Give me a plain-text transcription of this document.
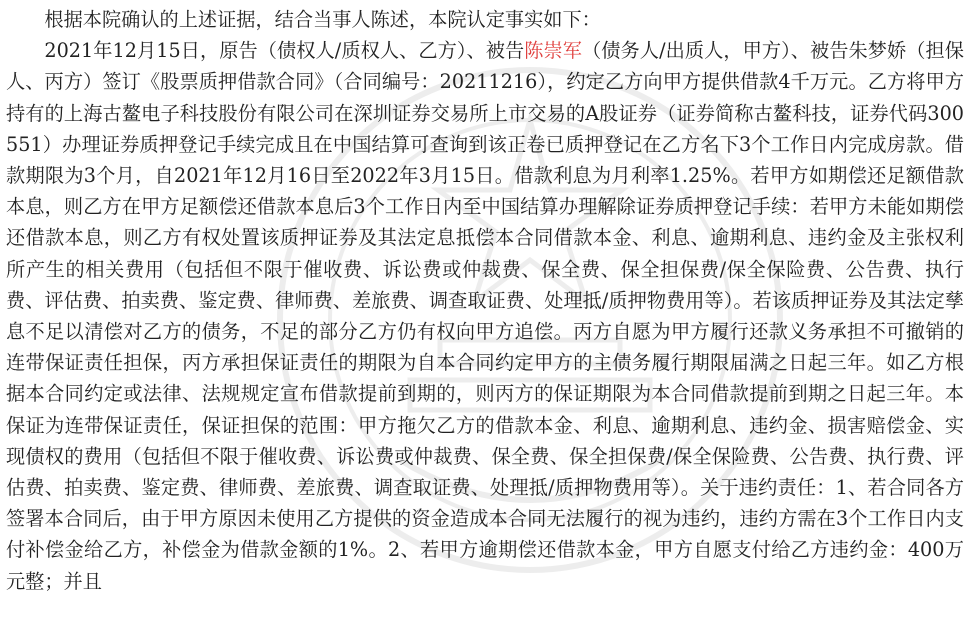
根据本院确认的上述证据，结合当事人陈述，本院认定事实如下：

2021年12月15日，原告（债权人/质权人、乙方）、被告陈崇军（债务人/出质人，甲方）、被告朱梦娇（担保人、丙方）签订《股票质押借款合同》（合同编号：20211216），约定乙方向甲方提供借款4千万元。乙方将甲方持有的上海古鳌电子科技股份有限公司在深圳证券交易所上市交易的A股证券（证券简称古鳌科技，证券代码300551）办理证券质押登记手续完成且在中国结算可查询到该正卷已质押登记在乙方名下3个工作日内完成房款。借款期限为3个月，自2021年12月16日至2022年3月15日。借款利息为月利率1.25%。若甲方如期偿还足额借款本息，则乙方在甲方足额偿还借款本息后3个工作日内至中国结算办理解除证券质押登记手续：若甲方未能如期偿还借款本息，则乙方有权处置该质押证券及其法定息抵偿本合同借款本金、利息、逾期利息、违约金及主张权利所产生的相关费用（包括但不限于催收费、诉讼费或仲裁费、保全费、保全担保费/保全保险费、公告费、执行费、评估费、拍卖费、鉴定费、律师费、差旅费、调查取证费、处理抵/质押物费用等）。若该质押证券及其法定孳息不足以清偿对乙方的债务，不足的部分乙方仍有权向甲方追偿。丙方自愿为甲方履行还款义务承担不可撤销的连带保证责任担保，丙方承担保证责任的期限为自本合同约定甲方的主债务履行期限届满之日起三年。如乙方根据本合同约定或法律、法规规定宣布借款提前到期的，则丙方的保证期限为本合同借款提前到期之日起三年。本保证为连带保证责任，保证担保的范围：甲方拖欠乙方的借款本金、利息、逾期利息、违约金、损害赔偿金、实现债权的费用（包括但不限于催收费、诉讼费或仲裁费、保全费、保全担保费/保全保险费、公告费、执行费、评估费、拍卖费、鉴定费、律师费、差旅费、调查取证费、处理抵/质押物费用等）。关于违约责任：1、若合同各方签署本合同后，由于甲方原因未使用乙方提供的资金造成本合同无法履行的视为违约，违约方需在3个工作日内支付补偿金给乙方，补偿金为借款金额的1%。2、若甲方逾期偿还借款本金，甲方自愿支付给乙方违约金：400万元整；并且
